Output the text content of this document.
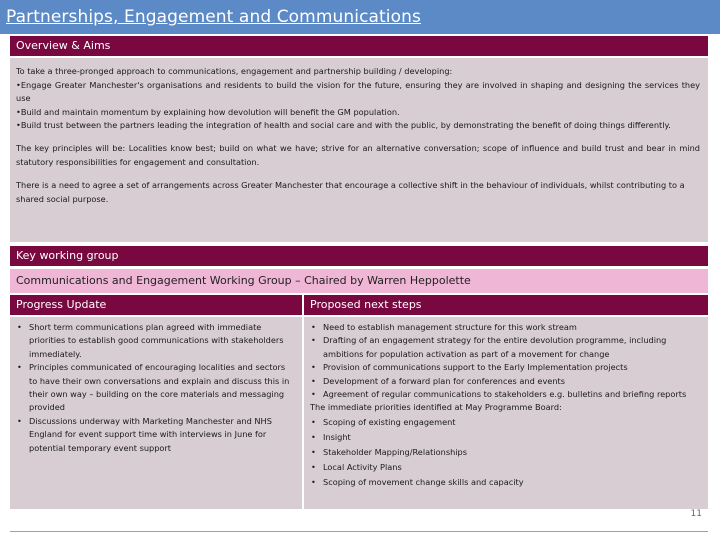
Partnerships, Engagement and Communications
Overview & Aims

To take a three-pronged approach to communications, engagement and partnership building / developing:

•Engage Greater Manchester's organisations and residents to build the vision for the future, ensuring they are involved in shaping and designing the services they use

•Build and maintain momentum by explaining how devolution will benefit the GM population.

•Build trust between the partners leading the integration of health and social care and with the public, by demonstrating the benefit of doing things differently.

The key principles will be: Localities know best; build on what we have; strive for an alternative conversation; scope of influence and build trust and bear in mind statutory responsibilities for engagement and consultation.

There is a need to agree a set of arrangements across Greater Manchester that encourage a collective shift in the behaviour of individuals, whilst contributing to a shared social purpose.

Key working group
Communications and Engagement Working Group – Chaired by Warren Heppolette
Progress Update	Proposed next steps
• Short term communications plan agreed with immediate priorities to establish good communications with stakeholders immediately.
• Principles communicated of encouraging localities and sectors to have their own conversations and explain and discuss this in their own way – building on the core materials and messaging provided
• Discussions underway with Marketing Manchester and NHS England for event support time with interviews in June for potential temporary event support
• Need to establish management structure for this work stream
• Drafting of an engagement strategy for the entire devolution programme, including ambitions for population activation as part of a movement for change
• Provision of communications support to the Early Implementation projects
• Development of a forward plan for conferences and events
• Agreement of regular communications to stakeholders e.g. bulletins and briefing reports
The immediate priorities identified at May Programme Board:
• Scoping of existing engagement
• Insight
• Stakeholder Mapping/Relationships
• Local Activity Plans
• Scoping of movement change skills and capacity
11
